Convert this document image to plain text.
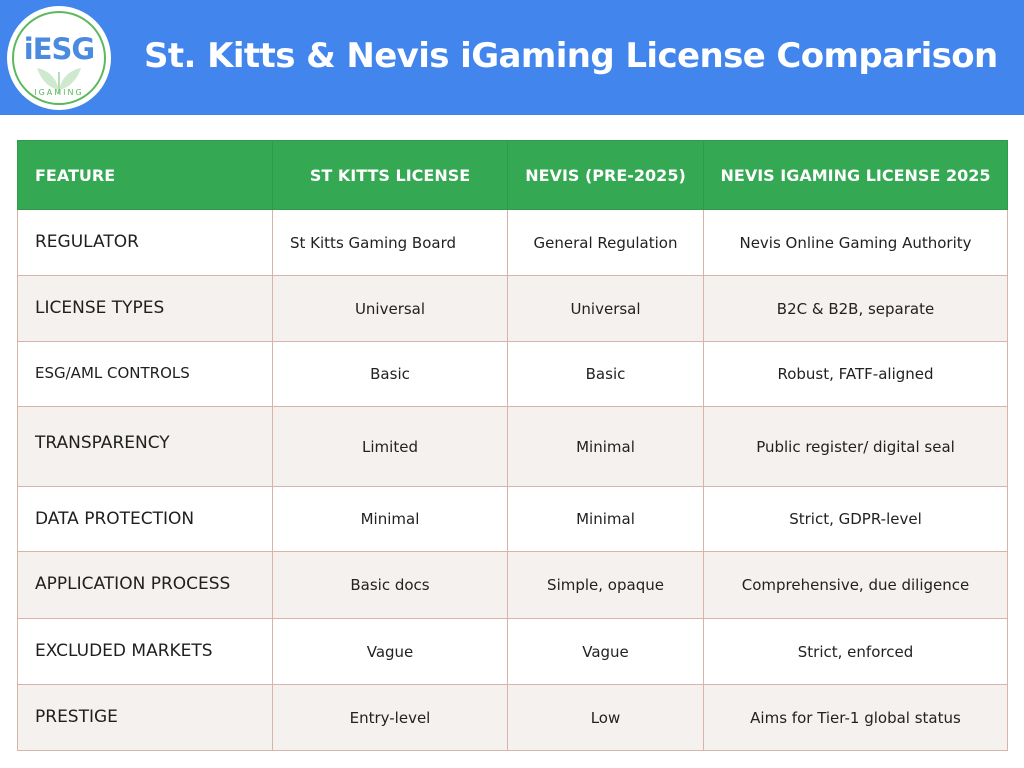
iESG
IGAMING
St. Kitts & Nevis iGaming License Comparison
FEATURE	ST KITTS LICENSE	NEVIS (PRE-2025)	NEVIS IGAMING LICENSE 2025
REGULATOR	St Kitts Gaming Board	General Regulation	Nevis Online Gaming Authority
LICENSE TYPES	Universal	Universal	B2C & B2B, separate
ESG/AML CONTROLS	Basic	Basic	Robust, FATF-aligned
TRANSPARENCY	Limited	Minimal	Public register/ digital seal
DATA PROTECTION	Minimal	Minimal	Strict, GDPR-level
APPLICATION PROCESS	Basic docs	Simple, opaque	Comprehensive, due diligence
EXCLUDED MARKETS	Vague	Vague	Strict, enforced
PRESTIGE	Entry-level	Low	Aims for Tier-1 global status
